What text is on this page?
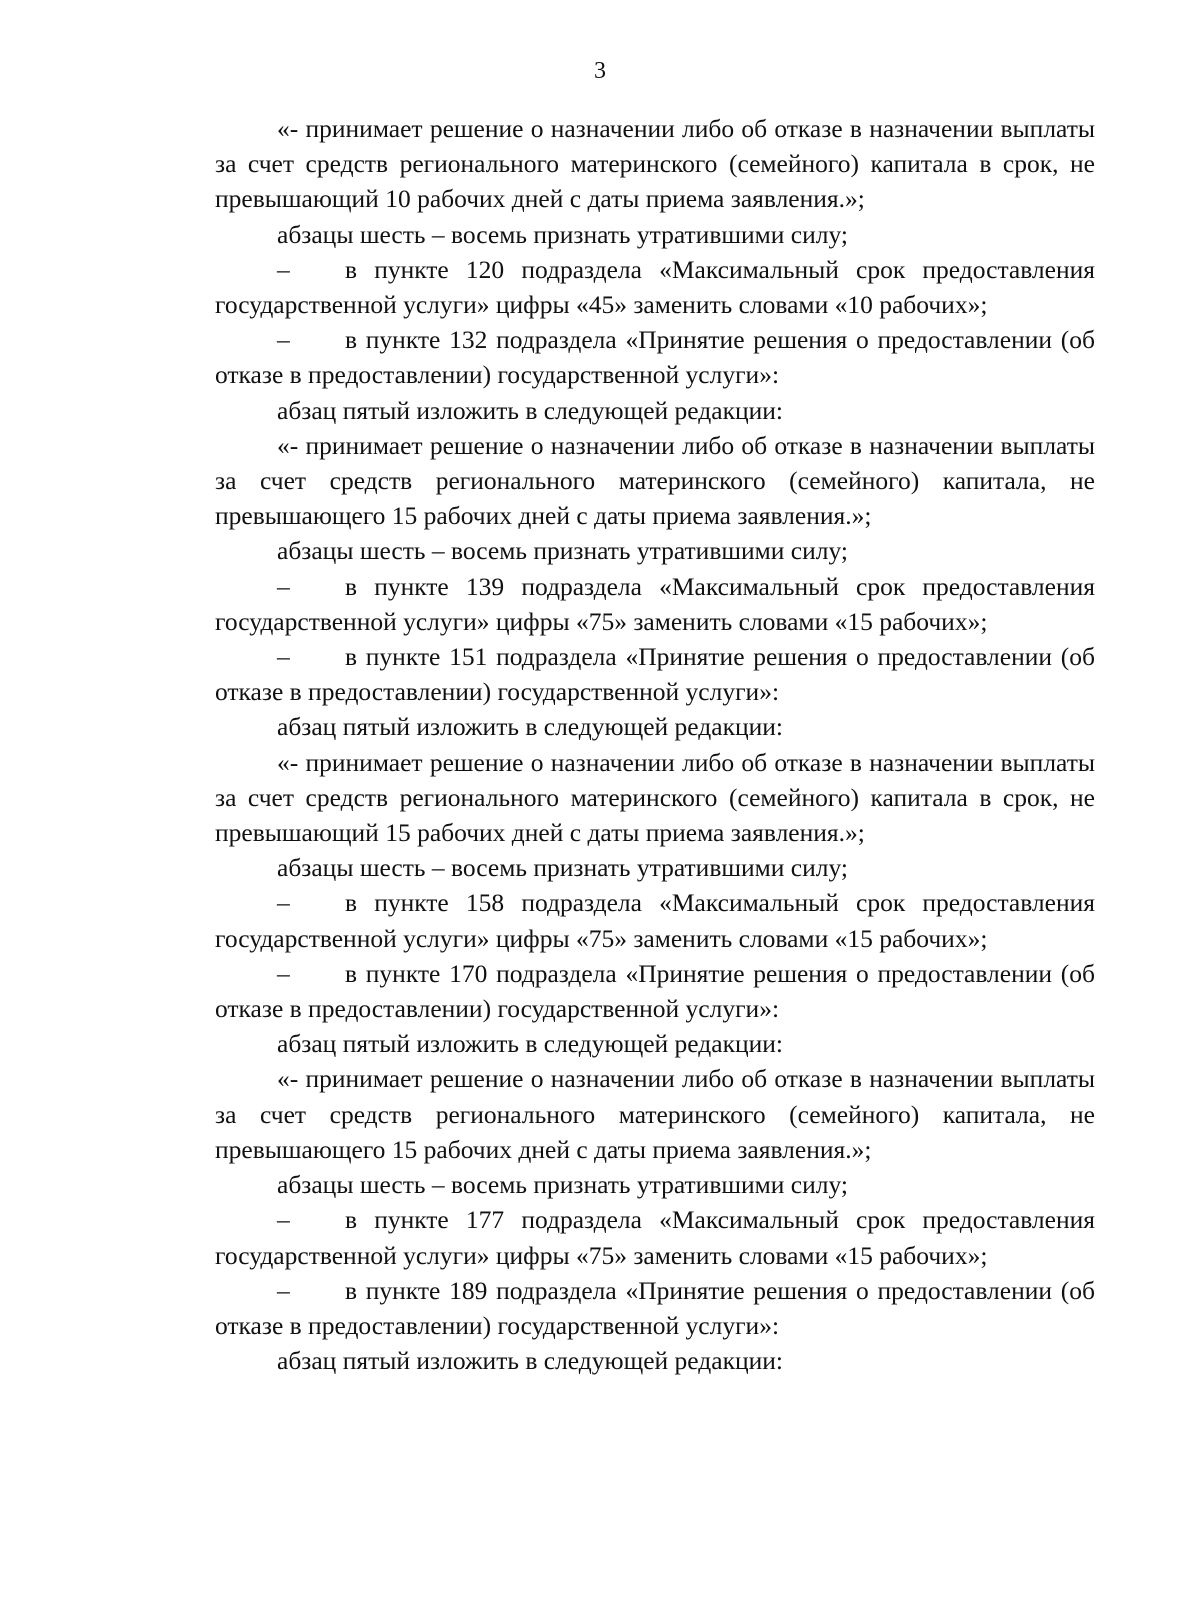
3

«- принимает решение о назначении либо об отказе в назначении выплаты за счет средств регионального материнского (семейного) капитала в срок, не превышающий 10 рабочих дней с даты приема заявления.»;

абзацы шесть – восемь признать утратившими силу;

– в пункте 120 подраздела «Максимальный срок предоставления государственной услуги» цифры «45» заменить словами «10 рабочих»;

– в пункте 132 подраздела «Принятие решения о предоставлении (об отказе в предоставлении) государственной услуги»:

абзац пятый изложить в следующей редакции:

«- принимает решение о назначении либо об отказе в назначении выплаты за счет средств регионального материнского (семейного) капитала, не превышающего 15 рабочих дней с даты приема заявления.»;

абзацы шесть – восемь признать утратившими силу;

– в пункте 139 подраздела «Максимальный срок предоставления государственной услуги» цифры «75» заменить словами «15 рабочих»;

– в пункте 151 подраздела «Принятие решения о предоставлении (об отказе в предоставлении) государственной услуги»:

абзац пятый изложить в следующей редакции:

«- принимает решение о назначении либо об отказе в назначении выплаты за счет средств регионального материнского (семейного) капитала в срок, не превышающий 15 рабочих дней с даты приема заявления.»;

абзацы шесть – восемь признать утратившими силу;

– в пункте 158 подраздела «Максимальный срок предоставления государственной услуги» цифры «75» заменить словами «15 рабочих»;

– в пункте 170 подраздела «Принятие решения о предоставлении (об отказе в предоставлении) государственной услуги»:

абзац пятый изложить в следующей редакции:

«- принимает решение о назначении либо об отказе в назначении выплаты за счет средств регионального материнского (семейного) капитала, не превышающего 15 рабочих дней с даты приема заявления.»;

абзацы шесть – восемь признать утратившими силу;

– в пункте 177 подраздела «Максимальный срок предоставления государственной услуги» цифры «75» заменить словами «15 рабочих»;

– в пункте 189 подраздела «Принятие решения о предоставлении (об отказе в предоставлении) государственной услуги»:

абзац пятый изложить в следующей редакции:
